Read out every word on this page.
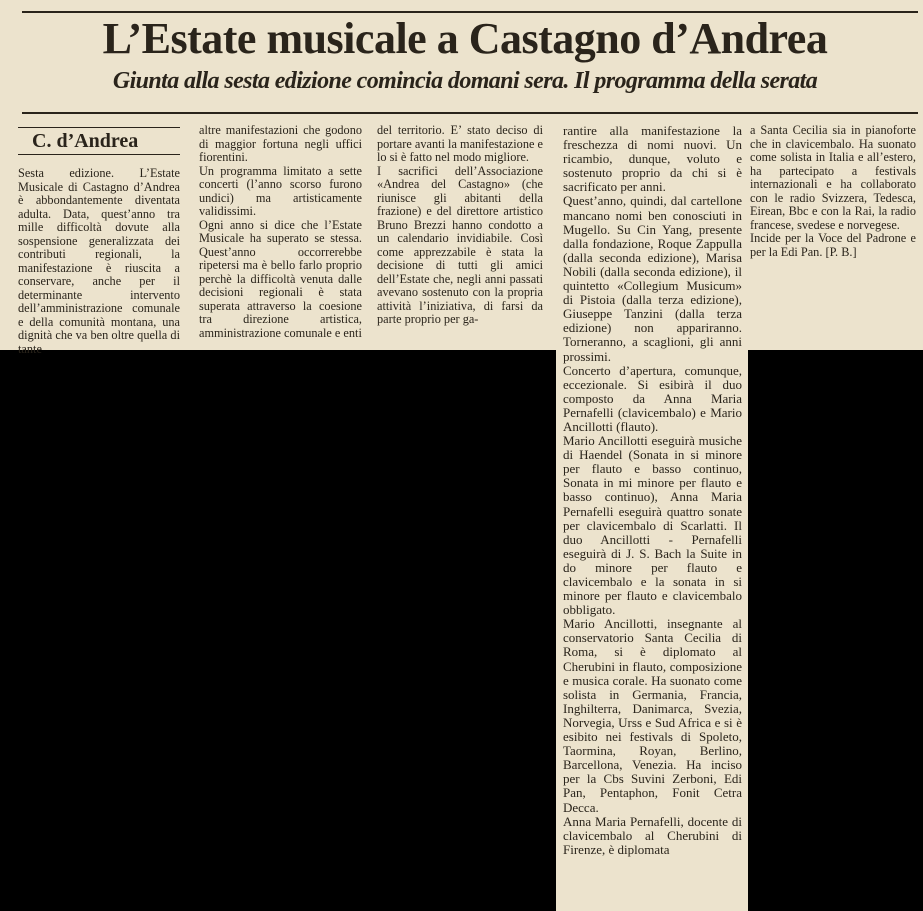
L’Estate musicale a Castagno d’Andrea
Giunta alla sesta edizione comincia domani sera. Il programma della serata
C. d’Andrea

Sesta edizione. L’Estate Musicale di Castagno d’Andrea è abbondantemente diventata adulta. Data, quest’anno tra mille difficoltà dovute alla sospensione generalizzata dei contributi regionali, la manifestazione è riuscita a conservare, anche per il determinante intervento dell’amministrazione comunale e della comunità montana, una dignità che va ben oltre quella di tante

altre manifestazioni che godono di maggior fortuna negli uffici fiorentini.

Un programma limitato a sette concerti (l’anno scorso furono undici) ma artisticamente validissimi.

Ogni anno si dice che l’Estate Musicale ha superato se stessa. Quest’anno occorrerebbe ripetersi ma è bello farlo proprio perchè la difficoltà venuta dalle decisioni regionali è stata superata attraverso la coesione tra direzione artistica, amministrazione comunale e enti

del territorio. E’ stato deciso di portare avanti la manifestazione e lo si è fatto nel modo migliore.

I sacrifici dell’Associazione «Andrea del Castagno» (che riunisce gli abitanti della frazione) e del direttore artistico Bruno Brezzi hanno condotto a un calendario invidiabile. Così come apprezzabile è stata la decisione di tutti gli amici dell’Estate che, negli anni passati avevano sostenuto con la propria attività l’iniziativa, di farsi da parte proprio per ga-

rantire alla manifestazione la freschezza di nomi nuovi. Un ricambio, dunque, voluto e sostenuto proprio da chi si è sacrificato per anni.

Quest’anno, quindi, dal cartellone mancano nomi ben conosciuti in Mugello. Su Cin Yang, presente dalla fondazione, Roque Zappulla (dalla seconda edizione), Marisa Nobili (dalla seconda edizione), il quintetto «Collegium Musicum» di Pistoia (dalla terza edizione), Giuseppe Tanzini (dalla terza edizione) non appariranno. Torneranno, a scaglioni, gli anni prossimi.

Concerto d’apertura, comunque, eccezionale. Si esibirà il duo composto da Anna Maria Pernafelli (clavicembalo) e Mario Ancillotti (flauto).

Mario Ancillotti eseguirà musiche di Haendel (Sonata in si minore per flauto e basso continuo, Sonata in mi minore per flauto e basso continuo), Anna Maria Pernafelli eseguirà quattro sonate per clavicembalo di Scarlatti. Il duo Ancillotti - Pernafelli eseguirà di J. S. Bach la Suite in do minore per flauto e clavicembalo e la sonata in si minore per flauto e clavicembalo obbligato.

Mario Ancillotti, insegnante al conservatorio Santa Cecilia di Roma, si è diplomato al Cherubini in flauto, composizione e musica corale. Ha suonato come solista in Germania, Francia, Inghilterra, Danimarca, Svezia, Norvegia, Urss e Sud Africa e si è esibito nei festivals di Spoleto, Taormina, Royan, Berlino, Barcellona, Venezia. Ha inciso per la Cbs Suvini Zerboni, Edi Pan, Pentaphon, Fonit Cetra Decca.

Anna Maria Pernafelli, docente di clavicembalo al Cherubini di Firenze, è diplomata

a Santa Cecilia sia in pianoforte che in clavicembalo. Ha suonato come solista in Italia e all’estero, ha partecipato a festivals internazionali e ha collaborato con le radio Svizzera, Tedesca, Eirean, Bbc e con la Rai, la radio francese, svedese e norvegese.

Incide per la Voce del Padrone e per la Edi Pan. [P. B.]
